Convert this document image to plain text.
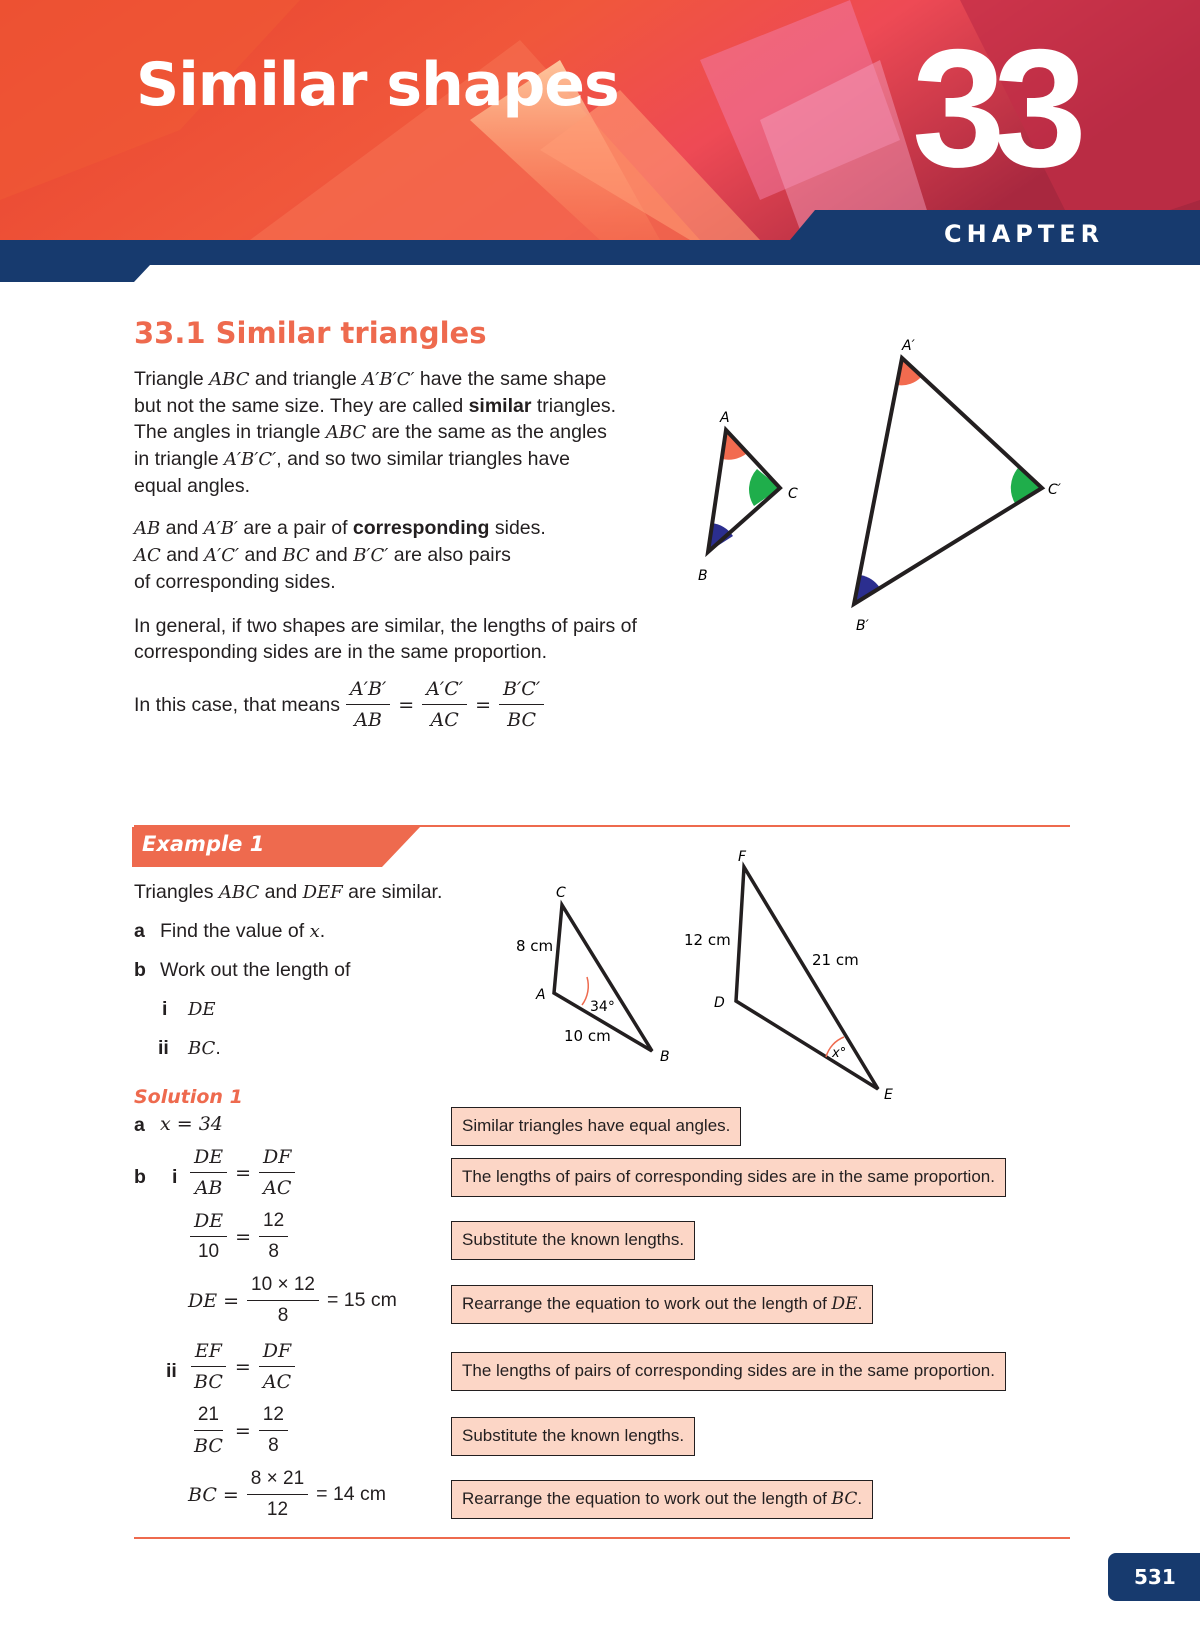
Similar shapes 33
CHAPTER
33.1 Similar triangles
Triangle ABC and triangle A′B′C′ have the same shape
but not the same size. They are called similar triangles.
The angles in triangle ABC are the same as the angles
in triangle A′B′C′, and so two similar triangles have
equal angles.
AB and A′B′ are a pair of corresponding sides.
AC and A′C′ and BC and B′C′ are also pairs
of corresponding sides.
In general, if two shapes are similar, the lengths of pairs of
corresponding sides are in the same proportion.
In this case, that means $\frac{A'B'}{AB} = \frac{A'C'}{AC} = \frac{B'C'}{BC}$
A
B
C
A′
B′
C′
Example 1
Triangles ABC and DEF are similar.
a Find the value of x.
b Work out the length of
i DE
ii BC.
C
A
B
8 cm
10 cm
34°
F
D
E
12 cm
21 cm
x°
Solution 1
a x = 34
b i
ii
$\frac{DE}{AB} = \frac{DF}{AC}$
$\frac{DE}{10} = \frac{12}{8}$
DE = $\frac{10 \times 12}{8} = 15$ cm
$\frac{EF}{BC} = \frac{DF}{AC}$
$\frac{21}{BC} = \frac{12}{8}$
BC = $\frac{8 \times 21}{12} = 14$ cm
Similar triangles have equal angles.
The lengths of pairs of corresponding sides are in the same proportion.
Substitute the known lengths.
Rearrange the equation to work out the length of DE.
The lengths of pairs of corresponding sides are in the same proportion.
Substitute the known lengths.
Rearrange the equation to work out the length of BC.
531
